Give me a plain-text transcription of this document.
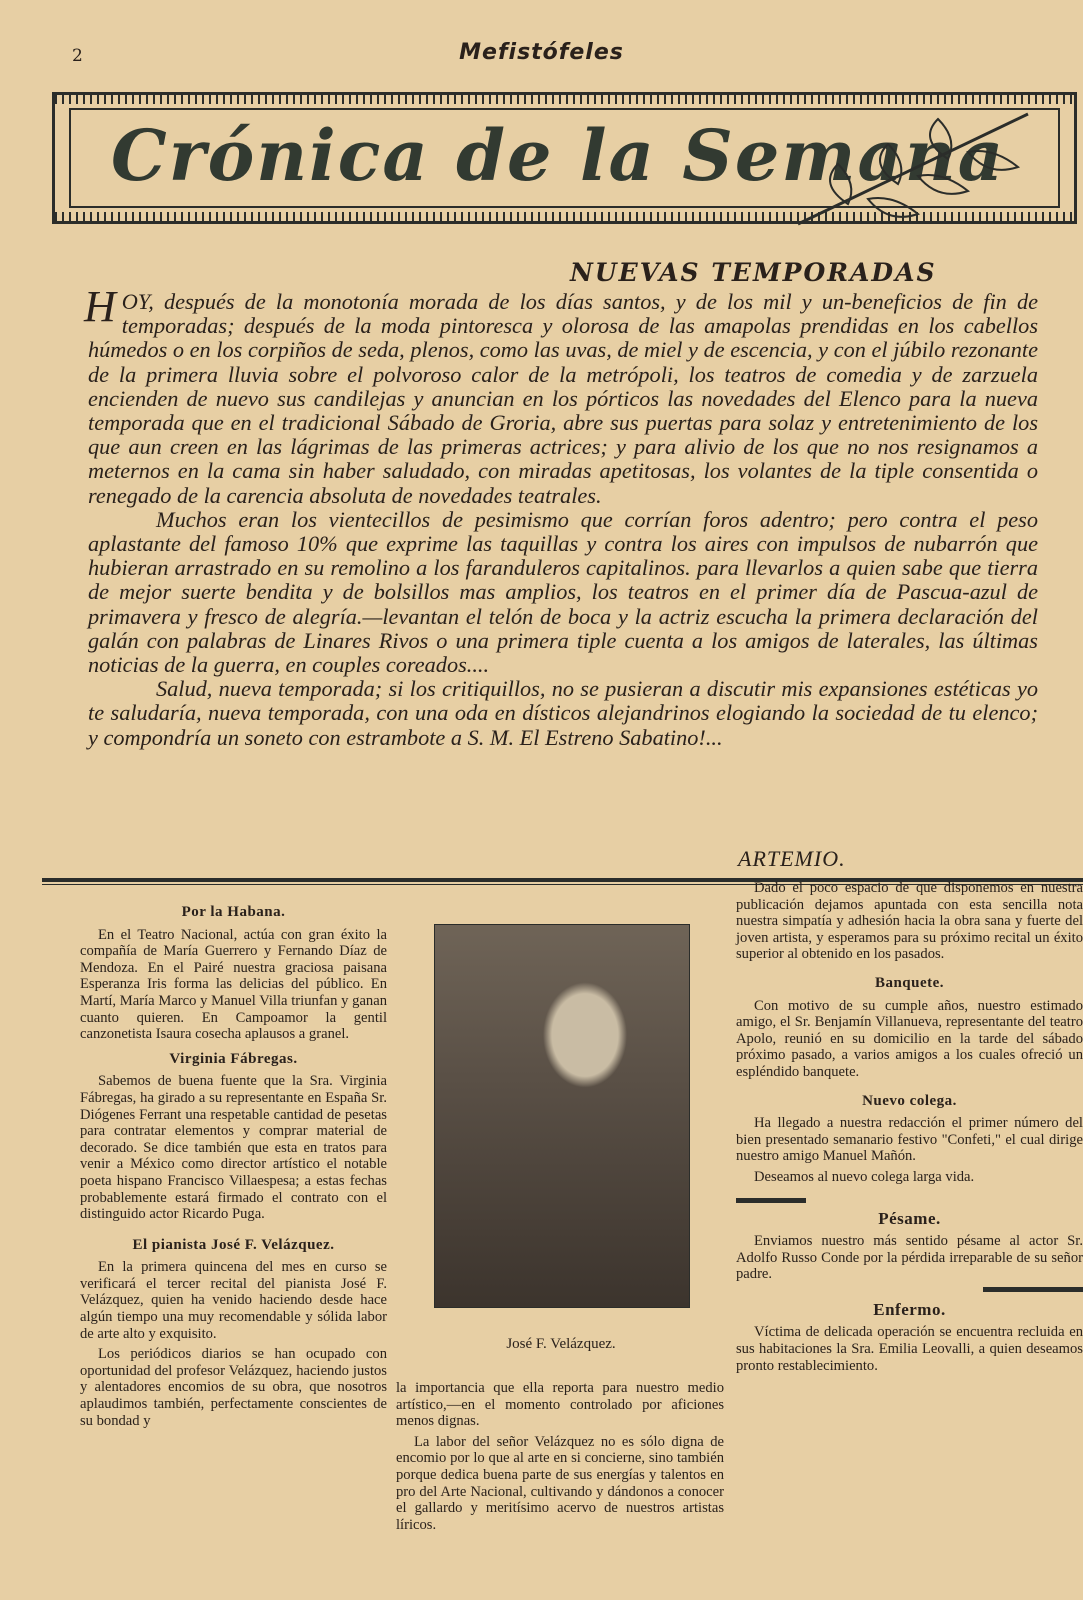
2	Mefistófeles
Crónica de la Semana
NUEVAS TEMPORADAS

HOY, después de la monotonía morada de los días santos, y de los mil y un-beneficios de fin de temporadas; después de la moda pintoresca y olorosa de las amapolas prendidas en los cabellos húmedos o en los corpiños de seda, plenos, como las uvas, de miel y de escencia, y con el júbilo rezonante de la primera lluvia sobre el polvoroso calor de la metrópoli, los teatros de comedia y de zarzuela encienden de nuevo sus candilejas y anuncian en los pórticos las novedades del Elenco para la nueva temporada que en el tradicional Sábado de Groria, abre sus puertas para solaz y entretenimiento de los que aun creen en las lágrimas de las primeras actrices; y para alivio de los que no nos resignamos a meternos en la cama sin haber saludado, con miradas apetitosas, los volantes de la tiple consentida o renegado de la carencia absoluta de novedades teatrales.

Muchos eran los vientecillos de pesimismo que corrían foros adentro; pero contra el peso aplastante del famoso 10% que exprime las taquillas y contra los aires con impulsos de nubarrón que hubieran arrastrado en su remolino a los faranduleros capitalinos. para llevarlos a quien sabe que tierra de mejor suerte bendita y de bolsillos mas amplios, los teatros en el primer día de Pascua-azul de primavera y fresco de alegría.—levantan el telón de boca y la actriz escucha la primera declaración del galán con palabras de Linares Rivos o una primera tiple cuenta a los amigos de laterales, las últimas noticias de la guerra, en couples coreados....

Salud, nueva temporada; si los critiquillos, no se pusieran a discutir mis expansiones estéticas yo te saludaría, nueva temporada, con una oda en dísticos alejandrinos elogiando la sociedad de tu elenco; y compondría un soneto con estrambote a S. M. El Estreno Sabatino!...

ARTEMIO.
Por la Habana.

En el Teatro Nacional, actúa con gran éxito la compañía de María Guerrero y Fernando Díaz de Mendoza. En el Pairé nuestra graciosa paisana Esperanza Iris forma las delicias del público. En Martí, María Marco y Manuel Villa triunfan y ganan cuanto quieren. En Campoamor la gentil canzonetista Isaura cosecha aplausos a granel.

Virginia Fábregas.

Sabemos de buena fuente que la Sra. Virginia Fábregas, ha girado a su representante en España Sr. Diógenes Ferrant una respetable cantidad de pesetas para contratar elementos y comprar material de decorado. Se dice también que esta en tratos para venir a México como director artístico el notable poeta hispano Francisco Villaespesa; a estas fechas probablemente estará firmado el contrato con el distinguido actor Ricardo Puga.

El pianista José F. Velázquez.

En la primera quincena del mes en curso se verificará el tercer recital del pianista José F. Velázquez, quien ha venido haciendo desde hace algún tiempo una muy recomendable y sólida labor de arte alto y exquisito.

Los periódicos diarios se han ocupado con oportunidad del profesor Velázquez, haciendo justos y alentadores encomios de su obra, que nosotros aplaudimos también, perfectamente conscientes de su bondad y

José F. Velázquez.

la importancia que ella reporta para nuestro medio artístico,—en el momento controlado por aficiones menos dignas.

La labor del señor Velázquez no es sólo digna de encomio por lo que al arte en si concierne, sino también porque dedica buena parte de sus energías y talentos en pro del Arte Nacional, cultivando y dándonos a conocer el gallardo y meritísimo acervo de nuestros artistas líricos.

Dado el poco espacio de que disponemos en nuestra publicación dejamos apuntada con esta sencilla nota nuestra simpatía y adhesión hacia la obra sana y fuerte del joven artista, y esperamos para su próximo recital un éxito superior al obtenido en los pasados.

Banquete.

Con motivo de su cumple años, nuestro estimado amigo, el Sr. Benjamín Villanueva, representante del teatro Apolo, reunió en su domicilio en la tarde del sábado próximo pasado, a varios amigos a los cuales ofreció un espléndido banquete.

Nuevo colega.

Ha llegado a nuestra redacción el primer número del bien presentado semanario festivo "Confeti," el cual dirige nuestro amigo Manuel Mañón.

Deseamos al nuevo colega larga vida.

Pésame.

Enviamos nuestro más sentido pésame al actor Sr. Adolfo Russo Conde por la pérdida irreparable de su señor padre.

Enfermo.

Víctima de delicada operación se encuentra recluida en sus habitaciones la Sra. Emilia Leovalli, a quien deseamos pronto restablecimiento.
